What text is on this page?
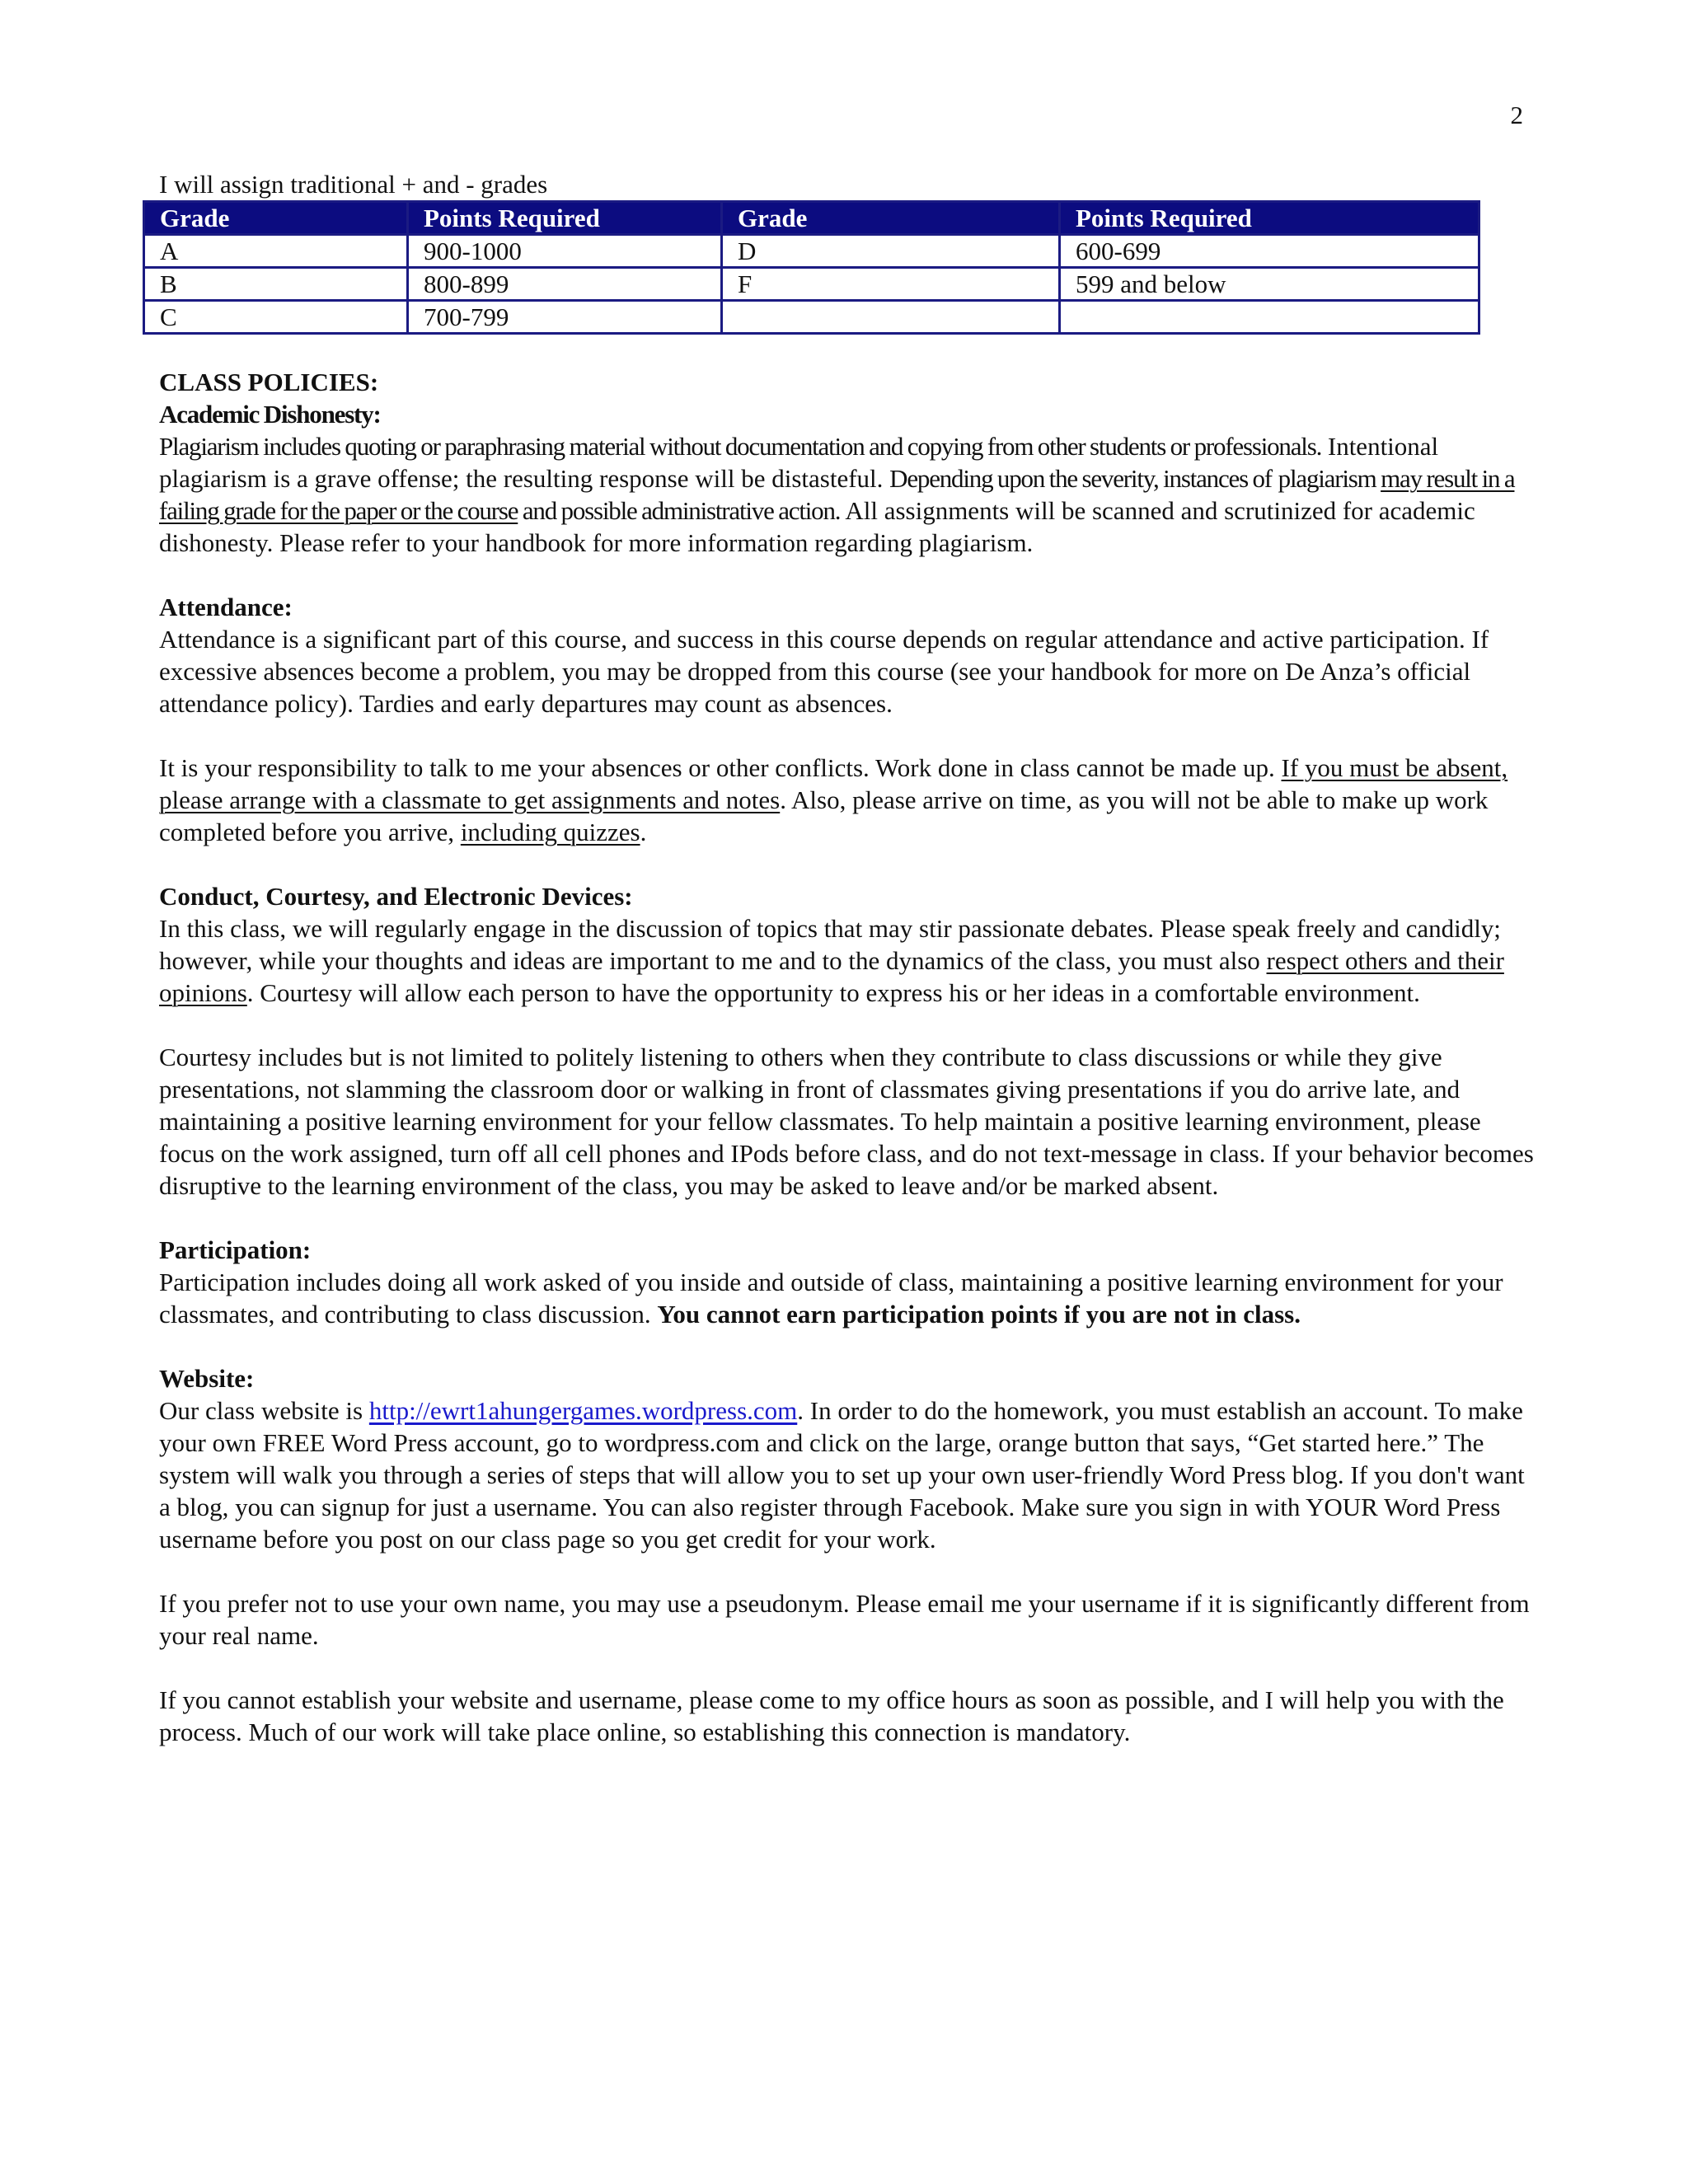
2

I will assign traditional + and - grades

Grade	Points Required	Grade	Points Required
A	900-1000	D	600-699
B	800-899	F	599 and below
C	700-799		

CLASS POLICIES:

Academic Dishonesty:

Plagiarism includes quoting or paraphrasing material without documentation and copying from other students or professionals. Intentional plagiarism is a grave offense; the resulting response will be distasteful. Depending upon the severity, instances of plagiarism may result in a failing grade for the paper or the course and possible administrative action. All assignments will be scanned and scrutinized for academic dishonesty. Please refer to your handbook for more information regarding plagiarism.

Attendance:

Attendance is a significant part of this course, and success in this course depends on regular attendance and active participation. If excessive absences become a problem, you may be dropped from this course (see your handbook for more on De Anza’s official attendance policy). Tardies and early departures may count as absences.

It is your responsibility to talk to me your absences or other conflicts. Work done in class cannot be made up. If you must be absent, please arrange with a classmate to get assignments and notes. Also, please arrive on time, as you will not be able to make up work completed before you arrive, including quizzes.

Conduct, Courtesy, and Electronic Devices:

In this class, we will regularly engage in the discussion of topics that may stir passionate debates. Please speak freely and candidly; however, while your thoughts and ideas are important to me and to the dynamics of the class, you must also respect others and their opinions. Courtesy will allow each person to have the opportunity to express his or her ideas in a comfortable environment.

Courtesy includes but is not limited to politely listening to others when they contribute to class discussions or while they give presentations, not slamming the classroom door or walking in front of classmates giving presentations if you do arrive late, and maintaining a positive learning environment for your fellow classmates. To help maintain a positive learning environment, please focus on the work assigned, turn off all cell phones and IPods before class, and do not text-message in class. If your behavior becomes disruptive to the learning environment of the class, you may be asked to leave and/or be marked absent.

Participation:

Participation includes doing all work asked of you inside and outside of class, maintaining a positive learning environment for your classmates, and contributing to class discussion. You cannot earn participation points if you are not in class.

Website:

Our class website is http://ewrt1ahungergames.wordpress.com. In order to do the homework, you must establish an account. To make your own FREE Word Press account, go to wordpress.com and click on the large, orange button that says, “Get started here.” The system will walk you through a series of steps that will allow you to set up your own user-friendly Word Press blog. If you don't want a blog, you can signup for just a username. You can also register through Facebook. Make sure you sign in with YOUR Word Press username before you post on our class page so you get credit for your work.

If you prefer not to use your own name, you may use a pseudonym. Please email me your username if it is significantly different from your real name.

If you cannot establish your website and username, please come to my office hours as soon as possible, and I will help you with the process. Much of our work will take place online, so establishing this connection is mandatory.
